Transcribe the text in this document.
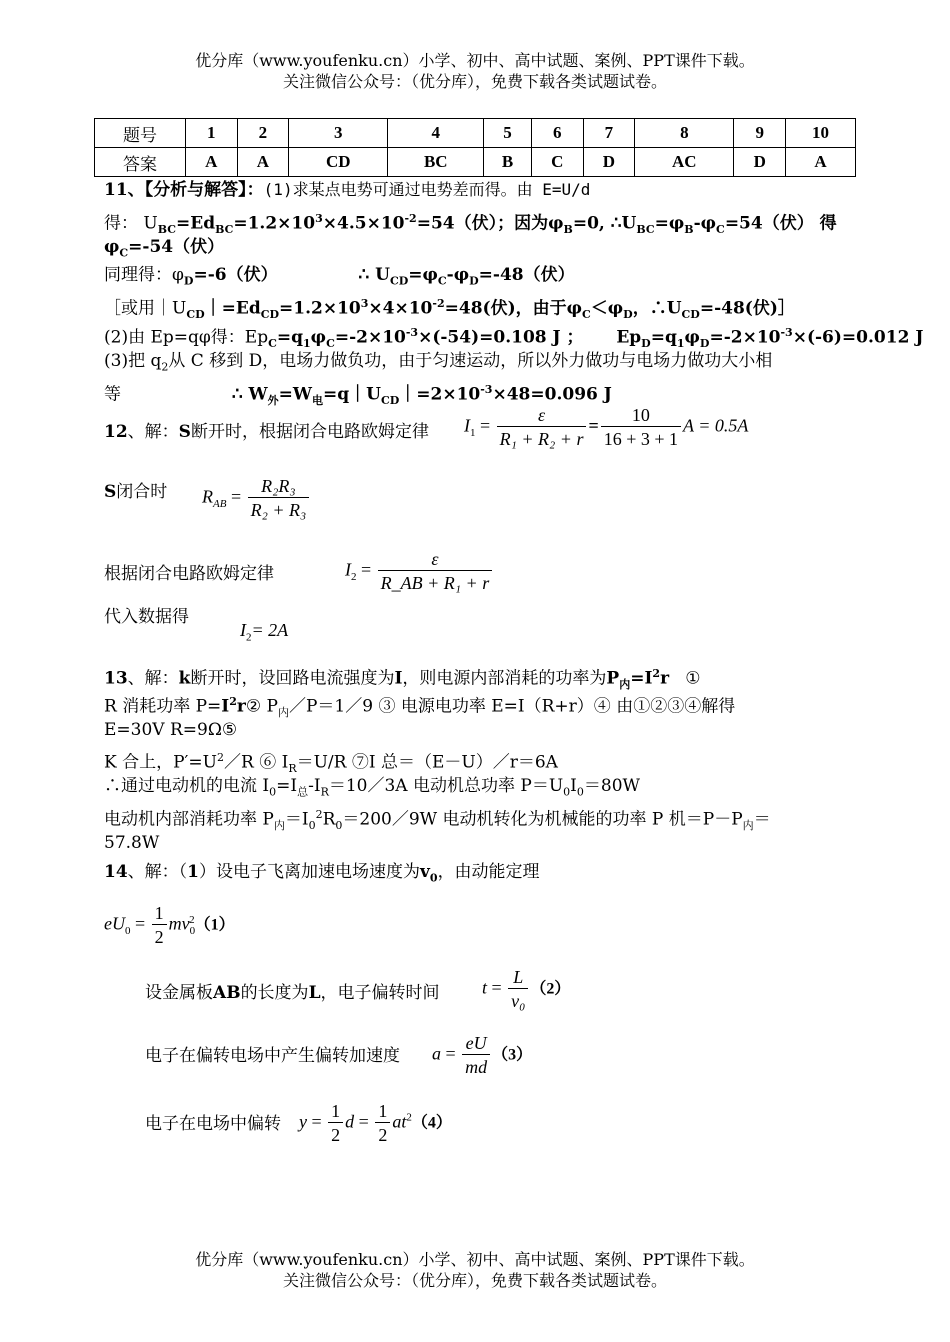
优分库（www.youfenku.cn）小学、初中、高中试题、案例、PPT课件下载。
关注微信公众号：（优分库），免费下载各类试题试卷。
题号	1	2	3	4	5	6	7	8	9	10
答案	A	A	CD	BC	B	C	D	AC	D	A
11、【分析与解答】：(1)求某点电势可通过电势差而得。由 E=U/d
得： $U_{BC}=Ed_{BC}=1.2\times 10^3\times 4.5\times 10^{-2}=54$（伏）；因为$\varphi_B=0$, $\therefore U_{BC}=\varphi_B-\varphi_C=54$（伏） 得
$\varphi_C=-54$（伏）
同理得：$\varphi_D=-6$（伏）	∴ $U_{CD}=\varphi_C-\varphi_D=-48$（伏）
［或用$|U_{CD}|=Ed_{CD}=1.2\times 10^3\times 4\times 10^{-2}=48$(伏)，由于$\varphi_C<\varphi_D$，$\therefore U_{CD}=-48$(伏)］
(2)由 Ep=qφ得：$Ep_C=q_1\varphi_C=-2\times 10^{-3}\times(-54)=0.108$ J ； $Ep_D=q_1\varphi_D=-2\times 10^{-3}\times(-6)=0.012$ J
(3)把 $q_2$从 C 移到 D，电场力做负功，由于匀速运动，所以外力做功与电场力做功大小相
等	∴ $W_外=W_电=q|U_{CD}|=2\times 10^{-3}\times 48=0.096$ J
12、解：S断开时，根据闭合电路欧姆定律 $I_1 = \frac{\varepsilon}{\text{R₁ + R₂ + r}} = \frac{10}{16 + 3 + 1}$ A = 0.5A
S闭合时 $R_{AB} = \frac{\text{R₂R₃}}{\text{R₂ + R₃}}$
根据闭合电路欧姆定律	$I_2 = \frac{\varepsilon}{\text{R\_AB + R₁ + r}}$
代入数据得
$I_2= 2A$
13、解：k断开时，设回路电流强度为I，则电源内部消耗的功率为$P_内=I^2r$ ①
R 消耗功率 $P=I^2r②$ $P_内/P=1/9$ ③ 电源电功率 E=I（R+r）④ 由①②③④解得
E=30V R=9Ω⑤
K 合上，$P'=U^2/R$ ⑥ $I_R=U/R$ ⑦I 总＝（E－U）／r＝6A
∴通过电动机的电流 $I_0=I_总-I_R=10/3A$ 电动机总功率 $P=U_0I_0=80W$
电动机内部消耗功率 $P_内=I_0^2R_0=200/9W$ 电动机转化为机械能的功率 P 机$=P-P_内=$
57.8W
14、解：（1）设电子飞离加速电场速度为$v_0$，由动能定理
$eU_0 = \frac{1}{2} mv_0^2(1)$
设金属板AB的长度为L，电子偏转时间 $t = \frac{L}{\text{v₀}} (2)$
电子在偏转电场中产生偏转加速度 $a = \frac{eU}{md} (3)$
电子在电场中偏转 $y = \frac{1}{2}$ $d = \frac{1}{2} at^2(4)$
优分库（www.youfenku.cn）小学、初中、高中试题、案例、PPT课件下载。
关注微信公众号：（优分库），免费下载各类试题试卷。
